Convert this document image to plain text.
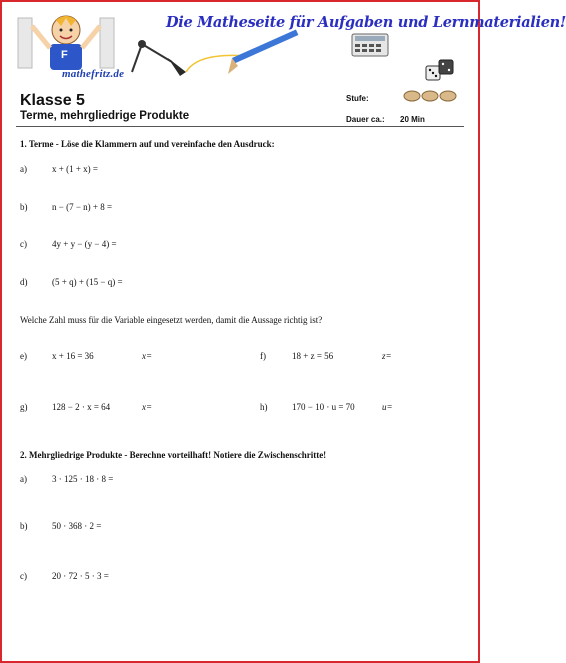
F
mathefritz.de
Die Matheseite für Aufgaben und Lernmaterialien!
Klasse 5
Terme, mehrgliedrige Produkte
Stufe:
Dauer ca.: 20 Min
1. Terme - Löse die Klammern auf und vereinfache den Ausdruck:
a)	x + (1 + x) =
b)	n − (7 − n) + 8 =
c)	4y + y − (y − 4) =
d)	(5 + q) + (15 − q) =
Welche Zahl muss für die Variable eingesetzt werden, damit die Aussage richtig ist?
e)	x + 16 = 36	x=	f)	18 + z = 56	z=
g)	128 − 2 · x = 64	x=	h)	170 − 10 · u = 70	u=
2. Mehrgliedrige Produkte - Berechne vorteilhaft! Notiere die Zwischenschritte!
a)	3 · 125 · 18 · 8 =
b)	50 · 368 · 2 =
c)	20 · 72 · 5 · 3 =
